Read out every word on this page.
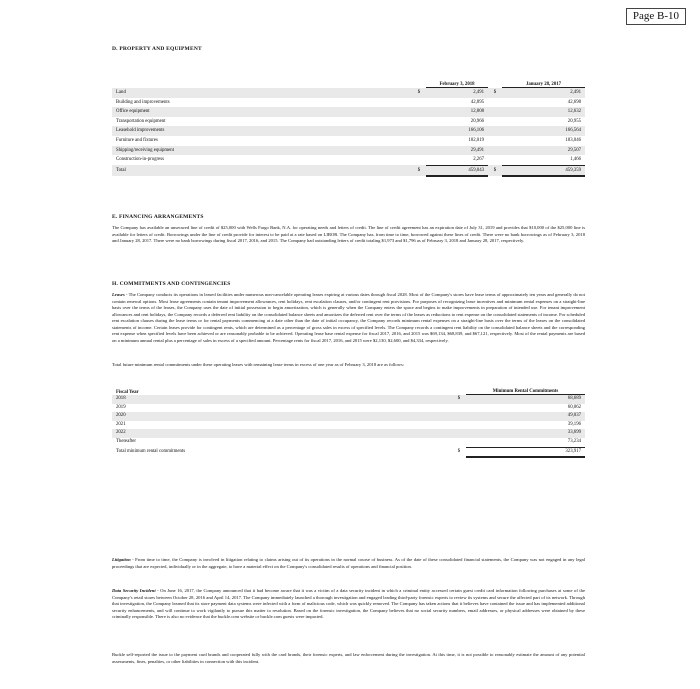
Page B-10
D. PROPERTY AND EQUIPMENT
		February 3, 2018		January 28, 2017
Land	$	2,491	$	2,491
Building and improvements		42,895		42,698
Office equipment		12,808		12,632
Transportation equipment		20,966		20,955
Leasehold improvements		166,106		166,564
Furniture and fixtures		182,019		183,046
Shipping/receiving equipment		29,491		29,507
Construction-in-progress		2,267		1,466
Total	$	459,043	$	459,359
E. FINANCING ARRANGEMENTS

The Company has available an unsecured line of credit of $25,000 with Wells Fargo Bank, N.A. for operating needs and letters of credit. The line of credit agreement has an expiration date of July 31, 2019 and provides that $10,000 of the $25,000 line is available for letters of credit. Borrowings under the line of credit provide for interest to be paid at a rate based on LIBOR. The Company has, from time to time, borrowed against these lines of credit. There were no bank borrowings as of February 3, 2018 and January 28, 2017. There were no bank borrowings during fiscal 2017, 2016, and 2015. The Company had outstanding letters of credit totaling $1,973 and $1,796 as of February 3, 2018 and January 28, 2017, respectively.

H. COMMITMENTS AND CONTINGENCIES

Leases - The Company conducts its operations in leased facilities under numerous non-cancelable operating leases expiring at various dates through fiscal 2028. Most of the Company's stores have lease terms of approximately ten years and generally do not contain renewal options. Most lease agreements contain tenant improvement allowances, rent holidays, rent escalation clauses, and/or contingent rent provisions. For purposes of recognizing lease incentives and minimum rental expenses on a straight-line basis over the terms of the leases, the Company uses the date of initial possession to begin amortization, which is generally when the Company enters the space and begins to make improvements in preparation of intended use. For tenant improvement allowances and rent holidays, the Company records a deferred rent liability on the consolidated balance sheets and amortizes the deferred rent over the terms of the leases as reductions to rent expense on the consolidated statements of income. For scheduled rent escalation clauses during the lease terms or for rental payments commencing at a date other than the date of initial occupancy, the Company records minimum rental expenses on a straight-line basis over the terms of the leases on the consolidated statements of income. Certain leases provide for contingent rents, which are determined as a percentage of gross sales in excess of specified levels. The Company records a contingent rent liability on the consolidated balance sheets and the corresponding rent expense when specified levels have been achieved or are reasonably probable to be achieved. Operating lease base rental expense for fiscal 2017, 2016, and 2015 was $69,134, $68,839, and $67,121, respectively. Most of the rental payments are based on a minimum annual rental plus a percentage of sales in excess of a specified amount. Percentage rents for fiscal 2017, 2016, and 2015 were $2,130, $2,600, and $4,334, respectively.

Total future minimum rental commitments under these operating leases with remaining lease terms in excess of one year as of February 3, 2018 are as follows:

Fiscal Year		Minimum Rental Commitments
2018	$	68,689
2019		60,062
2020		49,037
2021		39,196
2022		33,699
Thereafter		73,234
Total minimum rental commitments	$	323,917

Litigation - From time to time, the Company is involved in litigation relating to claims arising out of its operations in the normal course of business. As of the date of these consolidated financial statements, the Company was not engaged in any legal proceedings that are expected, individually or in the aggregate, to have a material effect on the Company's consolidated results of operations and financial position.

Data Security Incident - On June 16, 2017, the Company announced that it had become aware that it was a victim of a data security incident in which a criminal entity accessed certain guest credit card information following purchases at some of the Company's retail stores between October 28, 2016 and April 14, 2017. The Company immediately launched a thorough investigation and engaged leading third-party forensic experts to review its systems and secure the affected part of its network. Through that investigation, the Company learned that its store payment data systems were infected with a form of malicious code, which was quickly removed. The Company has taken actions that it believes have contained the issue and has implemented additional security enhancements, and will continue to work vigilantly to pursue this matter to resolution. Based on the forensic investigation, the Company believes that no social security numbers, email addresses, or physical addresses were obtained by these criminally responsible. There is also no evidence that the buckle.com website or buckle.com guests were impacted.

Buckle self-reported the issue to the payment card brands and cooperated fully with the card brands, their forensic experts, and law enforcement during the investigation. At this time, it is not possible to reasonably estimate the amount of any potential assessments, fines, penalties, or other liabilities in connection with this incident.
